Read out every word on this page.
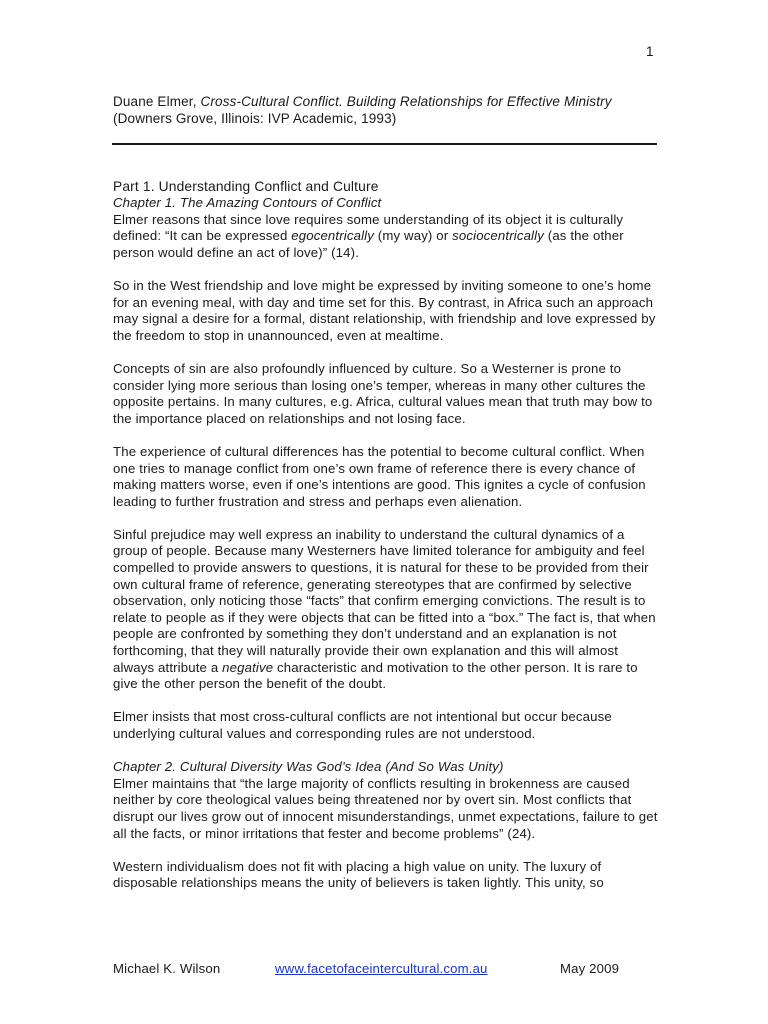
1
Duane Elmer, Cross-Cultural Conflict. Building Relationships for Effective Ministry
(Downers Grove, Illinois: IVP Academic, 1993)

Part 1. Understanding Conflict and Culture

Chapter 1. The Amazing Contours of Conflict

Elmer reasons that since love requires some understanding of its object it is culturally defined: “It can be expressed egocentrically (my way) or sociocentrically (as the other person would define an act of love)” (14).

So in the West friendship and love might be expressed by inviting someone to one’s home for an evening meal, with day and time set for this. By contrast, in Africa such an approach may signal a desire for a formal, distant relationship, with friendship and love expressed by the freedom to stop in unannounced, even at mealtime.

Concepts of sin are also profoundly influenced by culture. So a Westerner is prone to consider lying more serious than losing one’s temper, whereas in many other cultures the opposite pertains. In many cultures, e.g. Africa, cultural values mean that truth may bow to the importance placed on relationships and not losing face.

The experience of cultural differences has the potential to become cultural conflict. When one tries to manage conflict from one’s own frame of reference there is every chance of making matters worse, even if one’s intentions are good. This ignites a cycle of confusion leading to further frustration and stress and perhaps even alienation.

Sinful prejudice may well express an inability to understand the cultural dynamics of a group of people. Because many Westerners have limited tolerance for ambiguity and feel compelled to provide answers to questions, it is natural for these to be provided from their own cultural frame of reference, generating stereotypes that are confirmed by selective observation, only noticing those “facts” that confirm emerging convictions. The result is to relate to people as if they were objects that can be fitted into a “box.” The fact is, that when people are confronted by something they don’t understand and an explanation is not forthcoming, that they will naturally provide their own explanation and this will almost always attribute a negative characteristic and motivation to the other person. It is rare to give the other person the benefit of the doubt.

Elmer insists that most cross-cultural conflicts are not intentional but occur because underlying cultural values and corresponding rules are not understood.

Chapter 2. Cultural Diversity Was God’s Idea (And So Was Unity)

Elmer maintains that “the large majority of conflicts resulting in brokenness are caused neither by core theological values being threatened nor by overt sin. Most conflicts that disrupt our lives grow out of innocent misunderstandings, unmet expectations, failure to get all the facts, or minor irritations that fester and become problems” (24).

Western individualism does not fit with placing a high value on unity. The luxury of disposable relationships means the unity of believers is taken lightly. This unity, so

Michael K. Wilson	www.facetofaceintercultural.com.au	May 2009
